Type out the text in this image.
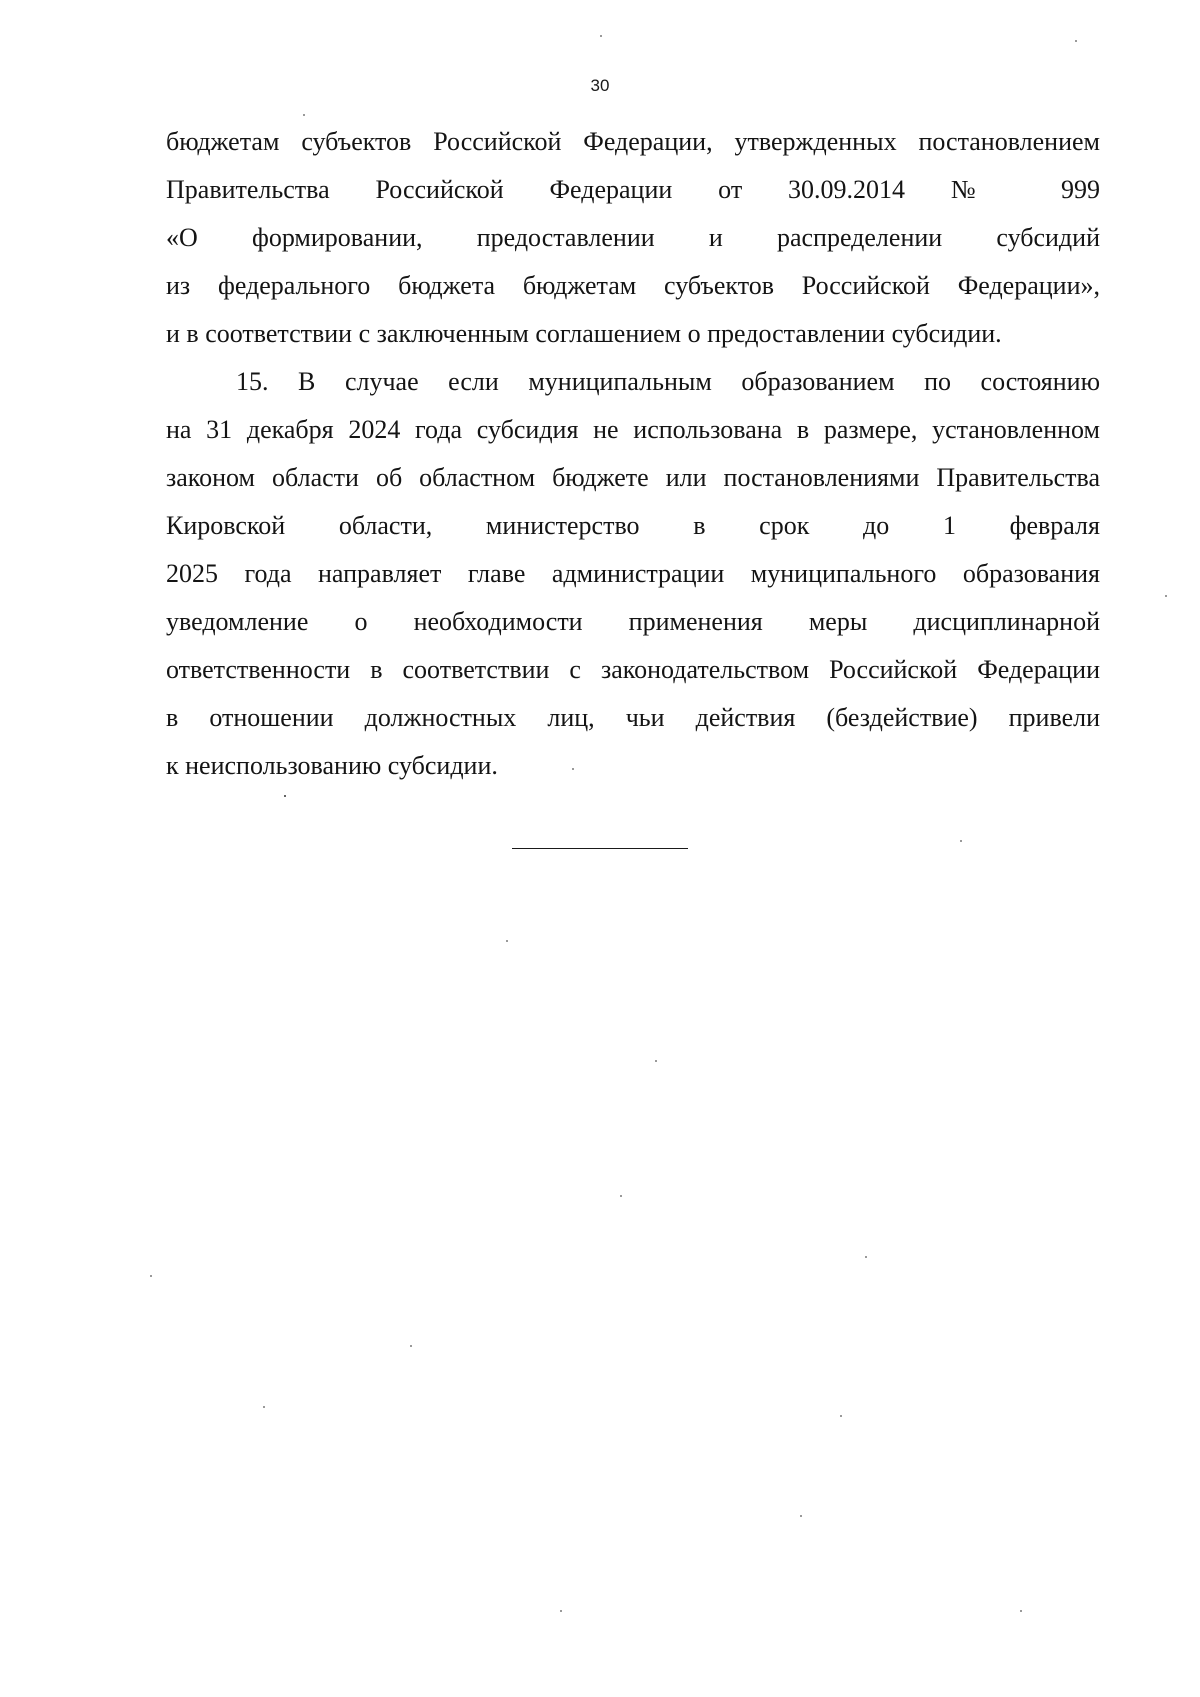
30
бюджетам субъектов Российской Федерации, утвержденных постановлением
Правительства Российской Федерации от 30.09.2014 № 999
«О формировании, предоставлении и распределении субсидий
из федерального бюджета бюджетам субъектов Российской Федерации»,
и в соответствии с заключенным соглашением о предоставлении субсидии.
15. В случае если муниципальным образованием по состоянию
на 31 декабря 2024 года субсидия не использована в размере, установленном
законом области об областном бюджете или постановлениями Правительства
Кировской области, министерство в срок до 1 февраля
2025 года направляет главе администрации муниципального образования
уведомление о необходимости применения меры дисциплинарной
ответственности в соответствии с законодательством Российской Федерации
в отношении должностных лиц, чьи действия (бездействие) привели
к неиспользованию субсидии.
